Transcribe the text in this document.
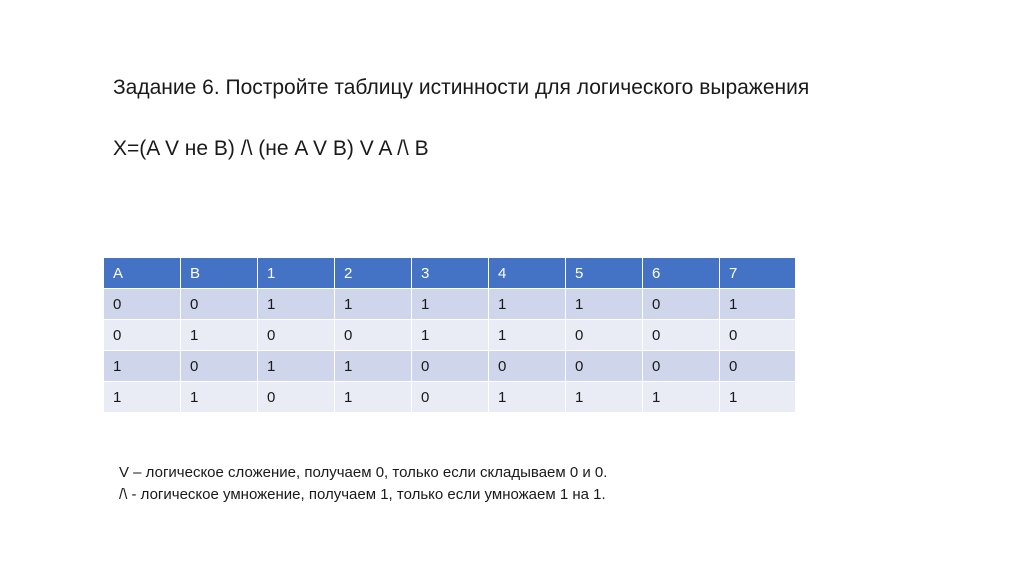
Задание 6. Постройте таблицу истинности для логического выражения
X=(A V не B) /\ (не A V B) V A /\ B
A	B	1	2	3	4	5	6	7
0	0	1	1	1	1	1	0	1
0	1	0	0	1	1	0	0	0
1	0	1	1	0	0	0	0	0
1	1	0	1	0	1	1	1	1
V – логическое сложение, получаем 0, только если складываем 0 и 0.
/\ - логическое умножение, получаем 1, только если умножаем 1 на 1.
